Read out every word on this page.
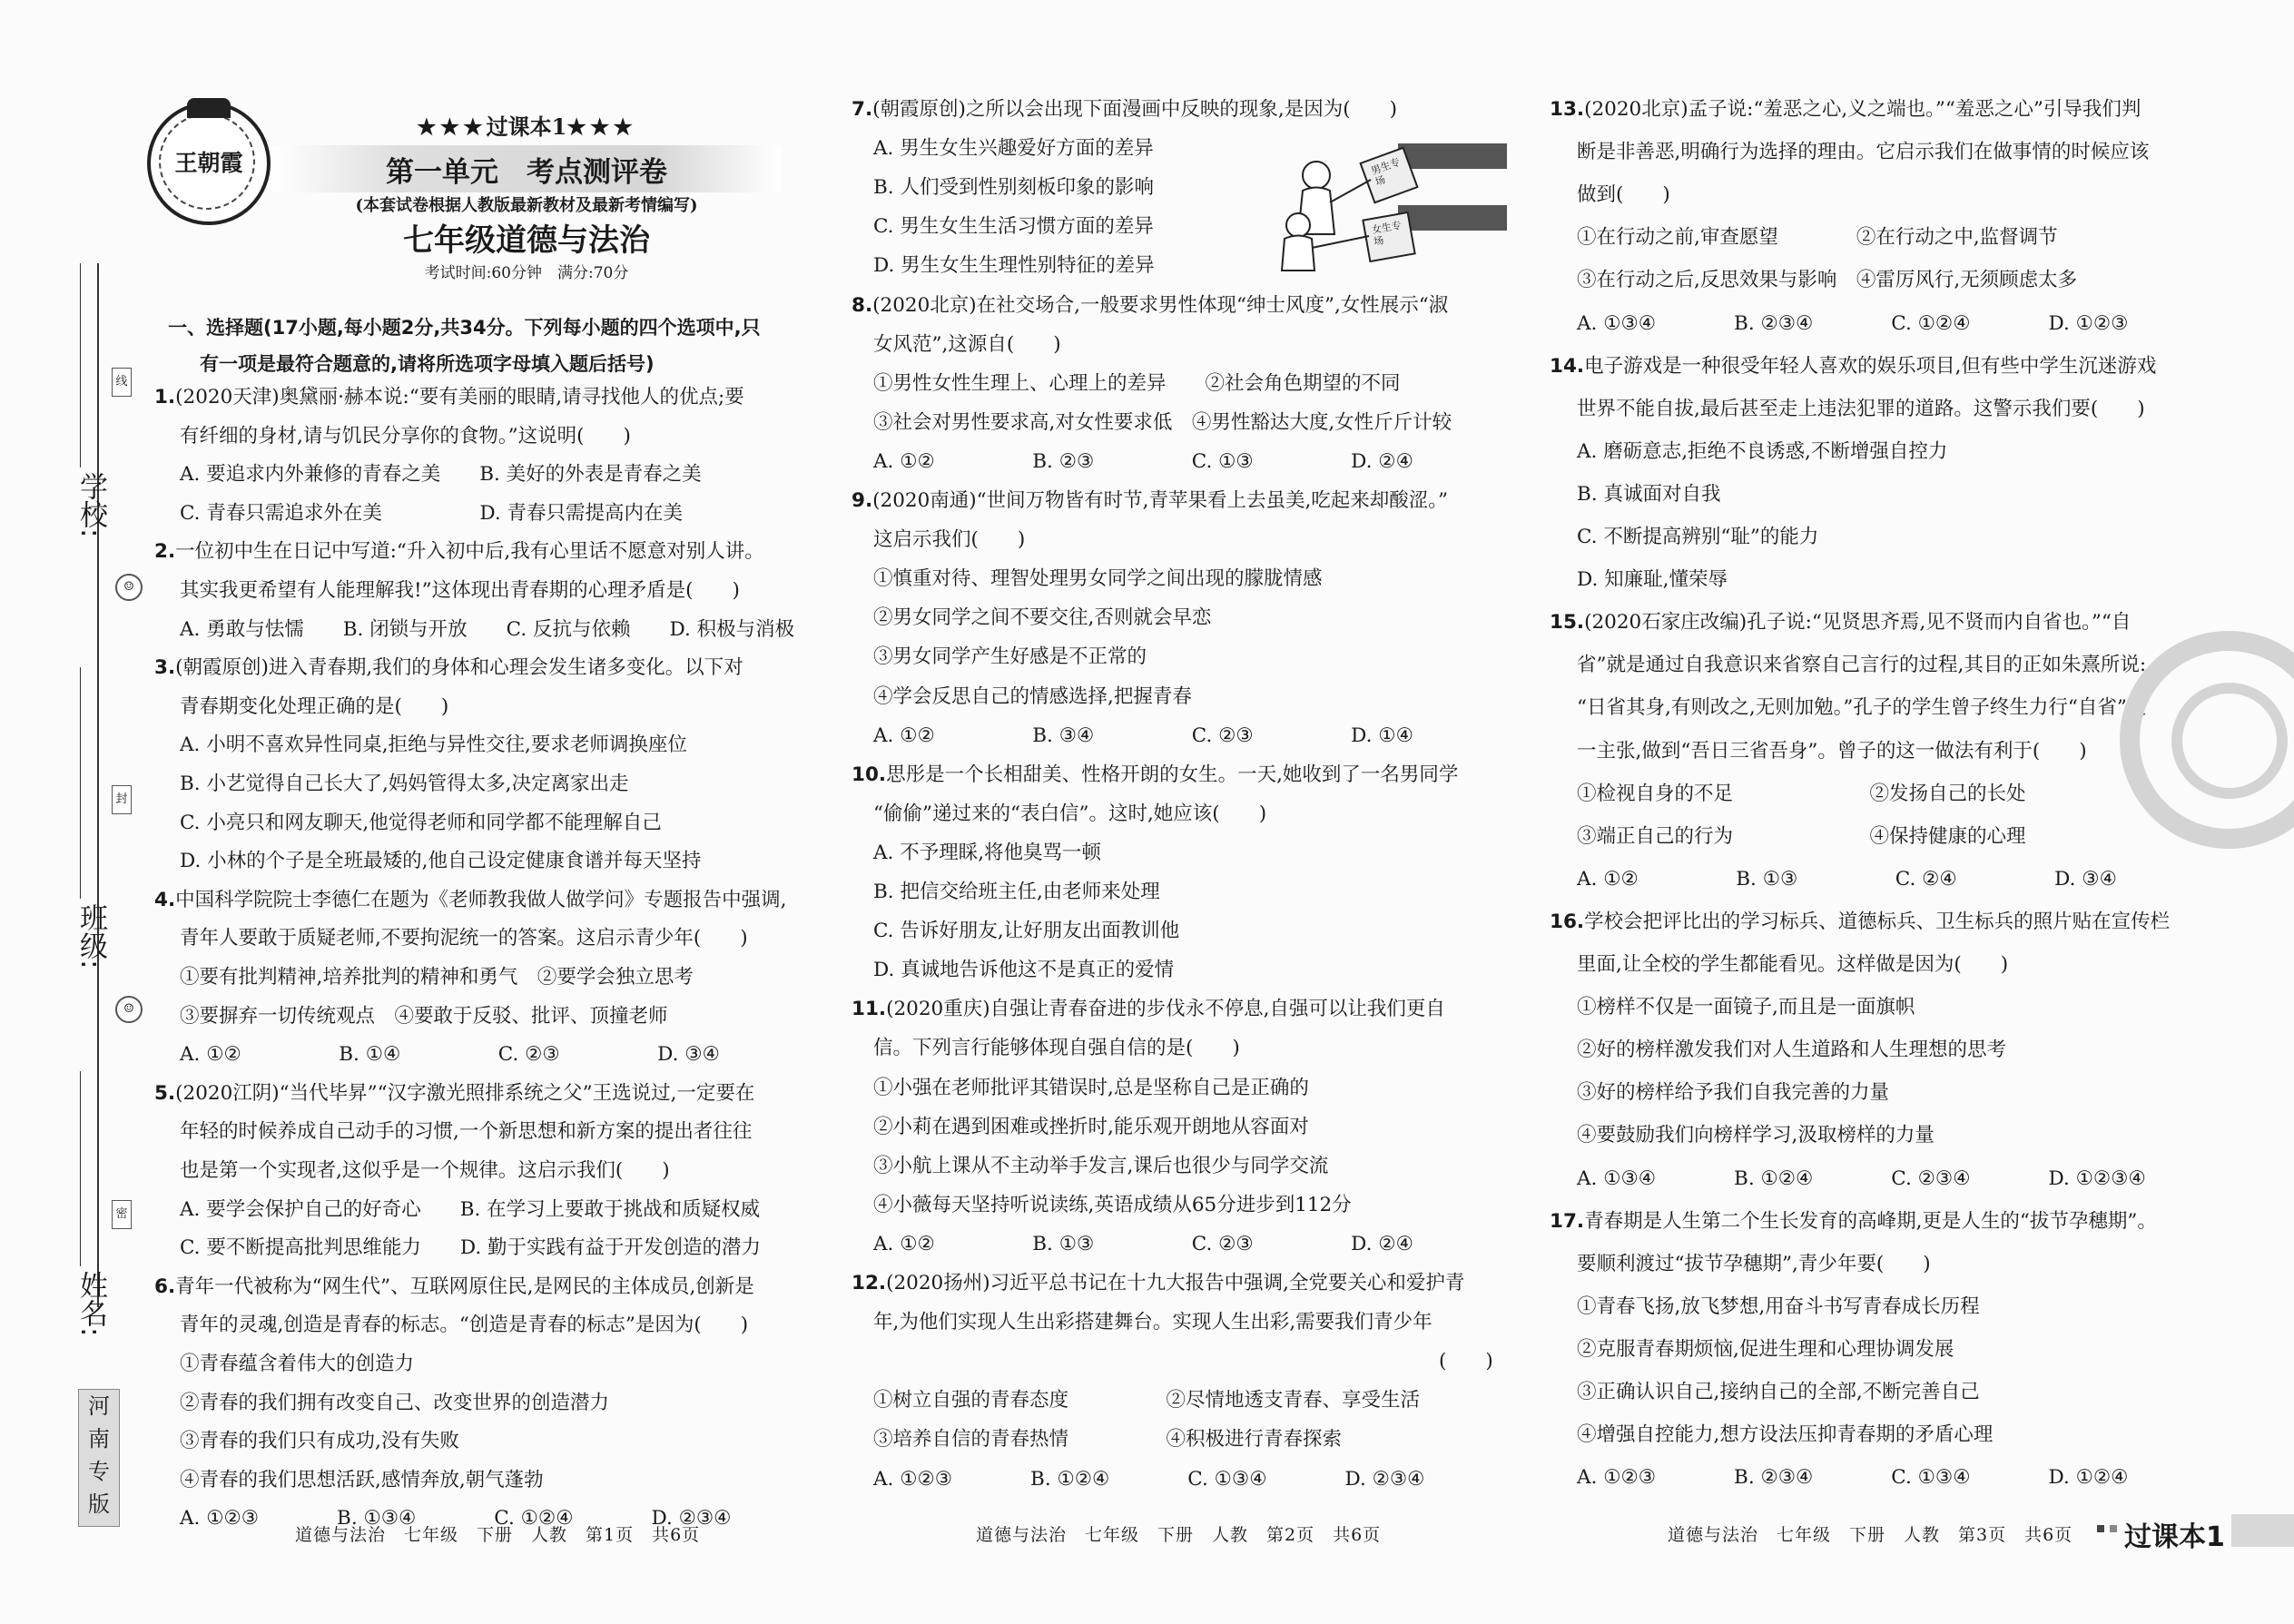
学校:
班级:
姓名:
线
封
密
☺
☺
河
南
专
版
王朝霞
★★★过课本1★★★
第一单元　考点测评卷
(本套试卷根据人教版最新教材及最新考情编写)
七年级道德与法治
考试时间:60分钟　满分:70分
一、选择题(17小题,每小题2分,共34分。下列每小题的四个选项中,只
有一项是最符合题意的,请将所选项字母填入题后括号)
1.(2020天津)奥黛丽·赫本说:“要有美丽的眼睛,请寻找他人的优点;要
有纤细的身材,请与饥民分享你的食物。”这说明(　　)
A. 要追求内外兼修的青春之美　　B. 美好的外表是青春之美
C. 青春只需追求外在美　　　　　D. 青春只需提高内在美
2.一位初中生在日记中写道:“升入初中后,我有心里话不愿意对别人讲。
其实我更希望有人能理解我!”这体现出青春期的心理矛盾是(　　)
A. 勇敢与怯懦　　B. 闭锁与开放　　C. 反抗与依赖　　D. 积极与消极
3.(朝霞原创)进入青春期,我们的身体和心理会发生诸多变化。以下对
青春期变化处理正确的是(　　)
A. 小明不喜欢异性同桌,拒绝与异性交往,要求老师调换座位
B. 小艺觉得自己长大了,妈妈管得太多,决定离家出走
C. 小亮只和网友聊天,他觉得老师和同学都不能理解自己
D. 小林的个子是全班最矮的,他自己设定健康食谱并每天坚持
4.中国科学院院士李德仁在题为《老师教我做人做学问》专题报告中强调,
青年人要敢于质疑老师,不要拘泥统一的答案。这启示青少年(　　)
①要有批判精神,培养批判的精神和勇气　②要学会独立思考
③要摒弃一切传统观点　④要敢于反驳、批评、顶撞老师
A. ①②　　　　　B. ①④　　　　　C. ②③　　　　　D. ③④
5.(2020江阴)“当代毕昇”“汉字激光照排系统之父”王选说过,一定要在
年轻的时候养成自己动手的习惯,一个新思想和新方案的提出者往往
也是第一个实现者,这似乎是一个规律。这启示我们(　　)
A. 要学会保护自己的好奇心　　B. 在学习上要敢于挑战和质疑权威
C. 要不断提高批判思维能力　　D. 勤于实践有益于开发创造的潜力
6.青年一代被称为“网生代”、互联网原住民,是网民的主体成员,创新是
青年的灵魂,创造是青春的标志。“创造是青春的标志”是因为(　　)
①青春蕴含着伟大的创造力
②青春的我们拥有改变自己、改变世界的创造潜力
③青春的我们只有成功,没有失败
④青春的我们思想活跃,感情奔放,朝气蓬勃
A. ①②③　　　　B. ①③④　　　　C. ①②④　　　　D. ②③④
7.(朝霞原创)之所以会出现下面漫画中反映的现象,是因为(　　)
A. 男生女生兴趣爱好方面的差异
B. 人们受到性别刻板印象的影响
C. 男生女生生活习惯方面的差异
D. 男生女生生理性别特征的差异
8.(2020北京)在社交场合,一般要求男性体现“绅士风度”,女性展示“淑
女风范”,这源自(　　)
①男性女性生理上、心理上的差异　　②社会角色期望的不同
③社会对男性要求高,对女性要求低　④男性豁达大度,女性斤斤计较
A. ①②　　　　　B. ②③　　　　　C. ①③　　　　　D. ②④
9.(2020南通)“世间万物皆有时节,青苹果看上去虽美,吃起来却酸涩。”
这启示我们(　　)
①慎重对待、理智处理男女同学之间出现的朦胧情感
②男女同学之间不要交往,否则就会早恋
③男女同学产生好感是不正常的
④学会反思自己的情感选择,把握青春
A. ①②　　　　　B. ③④　　　　　C. ②③　　　　　D. ①④
10.思彤是一个长相甜美、性格开朗的女生。一天,她收到了一名男同学
“偷偷”递过来的“表白信”。这时,她应该(　　)
A. 不予理睬,将他臭骂一顿
B. 把信交给班主任,由老师来处理
C. 告诉好朋友,让好朋友出面教训他
D. 真诚地告诉他这不是真正的爱情
11.(2020重庆)自强让青春奋进的步伐永不停息,自强可以让我们更自
信。下列言行能够体现自强自信的是(　　)
①小强在老师批评其错误时,总是坚称自己是正确的
②小莉在遇到困难或挫折时,能乐观开朗地从容面对
③小航上课从不主动举手发言,课后也很少与同学交流
④小薇每天坚持听说读练,英语成绩从65分进步到112分
A. ①②　　　　　B. ①③　　　　　C. ②③　　　　　D. ②④
12.(2020扬州)习近平总书记在十九大报告中强调,全党要关心和爱护青
年,为他们实现人生出彩搭建舞台。实现人生出彩,需要我们青少年
(　　)
①树立自强的青春态度　　　　　②尽情地透支青春、享受生活
③培养自信的青春热情　　　　　④积极进行青春探索
A. ①②③　　　　B. ①②④　　　　C. ①③④　　　　D. ②③④
13.(2020北京)孟子说:“羞恶之心,义之端也。”“羞恶之心”引导我们判
断是非善恶,明确行为选择的理由。它启示我们在做事情的时候应该
做到(　　)
①在行动之前,审查愿望　　　　②在行动之中,监督调节
③在行动之后,反思效果与影响　④雷厉风行,无须顾虑太多
A. ①③④　　　　B. ②③④　　　　C. ①②④　　　　D. ①②③
14.电子游戏是一种很受年轻人喜欢的娱乐项目,但有些中学生沉迷游戏
世界不能自拔,最后甚至走上违法犯罪的道路。这警示我们要(　　)
A. 磨砺意志,拒绝不良诱惑,不断增强自控力
B. 真诚面对自我
C. 不断提高辨别“耻”的能力
D. 知廉耻,懂荣辱
15.(2020石家庄改编)孔子说:“见贤思齐焉,见不贤而内自省也。”“自
省”就是通过自我意识来省察自己言行的过程,其目的正如朱熹所说:
“日省其身,有则改之,无则加勉。”孔子的学生曾子终生力行“自省”这
一主张,做到“吾日三省吾身”。曾子的这一做法有利于(　　)
①检视自身的不足　　　　　　　②发扬自己的长处
③端正自己的行为　　　　　　　④保持健康的心理
A. ①②　　　　　B. ①③　　　　　C. ②④　　　　　D. ③④
16.学校会把评比出的学习标兵、道德标兵、卫生标兵的照片贴在宣传栏
里面,让全校的学生都能看见。这样做是因为(　　)
①榜样不仅是一面镜子,而且是一面旗帜
②好的榜样激发我们对人生道路和人生理想的思考
③好的榜样给予我们自我完善的力量
④要鼓励我们向榜样学习,汲取榜样的力量
A. ①③④　　　　B. ①②④　　　　C. ②③④　　　　D. ①②③④
17.青春期是人生第二个生长发育的高峰期,更是人生的“拔节孕穗期”。
要顺利渡过“拔节孕穗期”,青少年要(　　)
①青春飞扬,放飞梦想,用奋斗书写青春成长历程
②克服青春期烦恼,促进生理和心理协调发展
③正确认识自己,接纳自己的全部,不断完善自己
④增强自控能力,想方设法压抑青春期的矛盾心理
A. ①②③　　　　B. ②③④　　　　C. ①③④　　　　D. ①②④
男生专场
女生专场
道德与法治　七年级　下册　人教　第1页　共6页	道德与法治　七年级　下册　人教　第2页　共6页	道德与法治　七年级　下册　人教　第3页　共6页 过课本1
